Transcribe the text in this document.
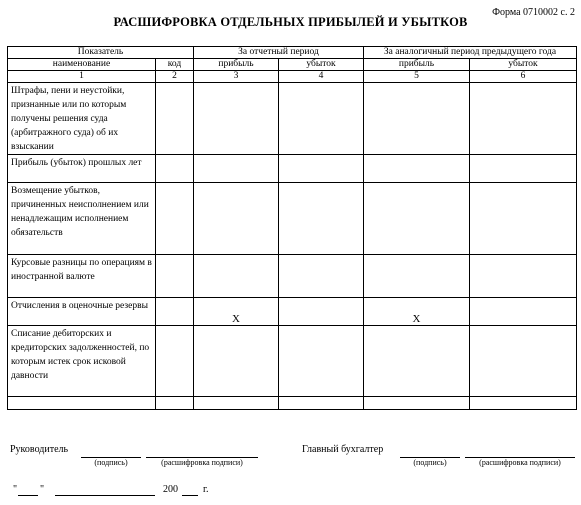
Форма 0710002 с. 2
РАСШИФРОВКА ОТДЕЛЬНЫХ ПРИБЫЛЕЙ И УБЫТКОВ
Показатель		За отчетный период		За аналогичный период предыдущего года	
наименование	код	прибыль	убыток	прибыль	убыток
1	2	3	4	5	6
Штрафы, пени и неустойки, признанные или по которым получены решения суда (арбитражного суда) об их взыскании					
Прибыль (убыток) прошлых лет					
Возмещение убытков, причиненных неисполнением или ненадлежащим исполнением обязательств					
Курсовые разницы по операциям в иностранной валюте					
Отчисления в оценочные резервы		X		X	
Списание дебиторских и кредиторских задолженностей, по которым истек срок исковой давности					

Руководитель
(подпись)	(расшифровка подписи)
Главный бухгалтер
(подпись)	(расшифровка подписи)
" "	200	г.
